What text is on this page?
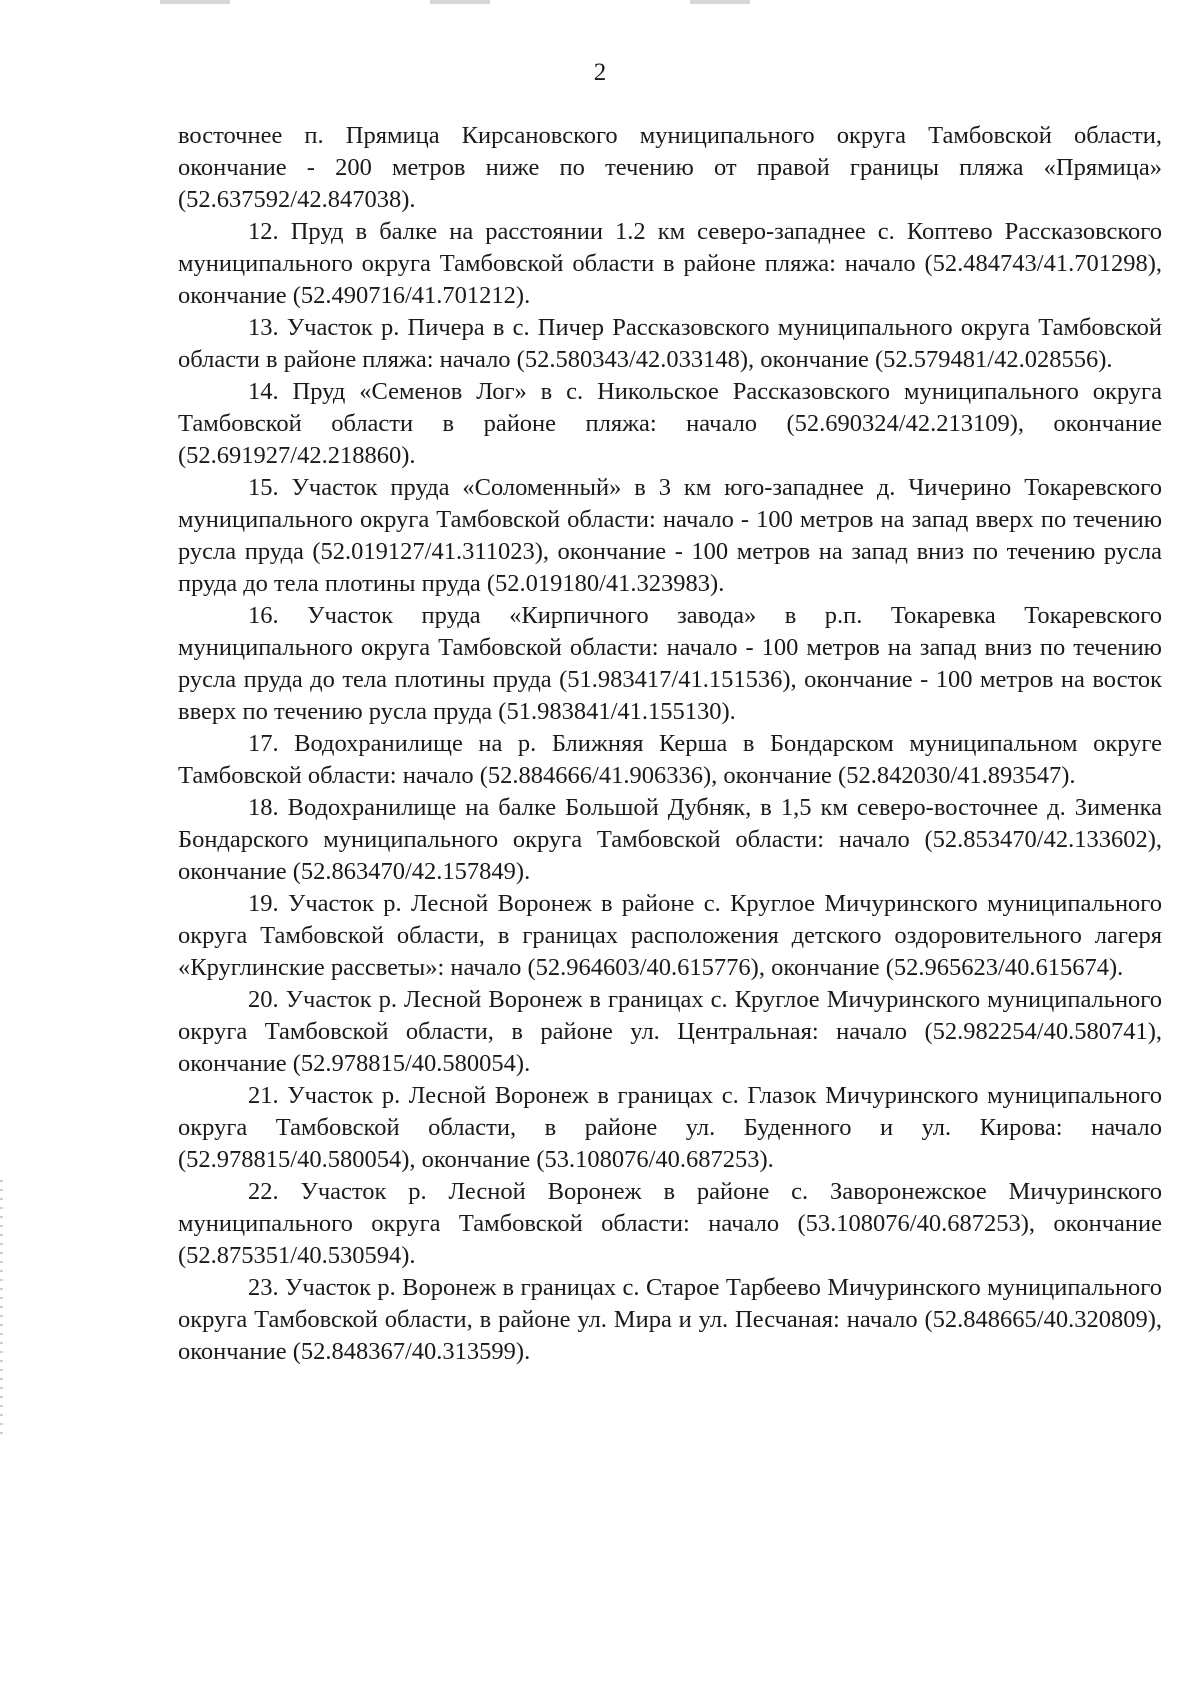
2

восточнее п. Прямица Кирсановского муниципального округа Тамбовской области, окончание - 200 метров ниже по течению от правой границы пляжа «Прямица» (52.637592/42.847038).

12. Пруд в балке на расстоянии 1.2 км северо-западнее с. Коптево Рассказовского муниципального округа Тамбовской области в районе пляжа: начало (52.484743/41.701298), окончание (52.490716/41.701212).

13. Участок р. Пичера в с. Пичер Рассказовского муниципального округа Тамбовской области в районе пляжа: начало (52.580343/42.033148), окончание (52.579481/42.028556).

14. Пруд «Семенов Лог» в с. Никольское Рассказовского муниципального округа Тамбовской области в районе пляжа: начало (52.690324/42.213109), окончание (52.691927/42.218860).

15. Участок пруда «Соломенный» в 3 км юго-западнее д. Чичерино Токаревского муниципального округа Тамбовской области: начало - 100 метров на запад вверх по течению русла пруда (52.019127/41.311023), окончание - 100 метров на запад вниз по течению русла пруда до тела плотины пруда (52.019180/41.323983).

16. Участок пруда «Кирпичного завода» в р.п. Токаревка Токаревского муниципального округа Тамбовской области: начало - 100 метров на запад вниз по течению русла пруда до тела плотины пруда (51.983417/41.151536), окончание - 100 метров на восток вверх по течению русла пруда (51.983841/41.155130).

17. Водохранилище на р. Ближняя Керша в Бондарском муниципальном округе Тамбовской области: начало (52.884666/41.906336), окончание (52.842030/41.893547).

18. Водохранилище на балке Большой Дубняк, в 1,5 км северо-восточнее д. Зименка Бондарского муниципального округа Тамбовской области: начало (52.853470/42.133602), окончание (52.863470/42.157849).

19. Участок р. Лесной Воронеж в районе с. Круглое Мичуринского муниципального округа Тамбовской области, в границах расположения детского оздоровительного лагеря «Круглинские рассветы»: начало (52.964603/40.615776), окончание (52.965623/40.615674).

20. Участок р. Лесной Воронеж в границах с. Круглое Мичуринского муниципального округа Тамбовской области, в районе ул. Центральная: начало (52.982254/40.580741), окончание (52.978815/40.580054).

21. Участок р. Лесной Воронеж в границах с. Глазок Мичуринского муниципального округа Тамбовской области, в районе ул. Буденного и ул. Кирова: начало (52.978815/40.580054), окончание (53.108076/40.687253).

22. Участок р. Лесной Воронеж в районе с. Заворонежское Мичуринского муниципального округа Тамбовской области: начало (53.108076/40.687253), окончание (52.875351/40.530594).

23. Участок р. Воронеж в границах с. Старое Тарбеево Мичуринского муниципального округа Тамбовской области, в районе ул. Мира и ул. Песчаная: начало (52.848665/40.320809), окончание (52.848367/40.313599).
